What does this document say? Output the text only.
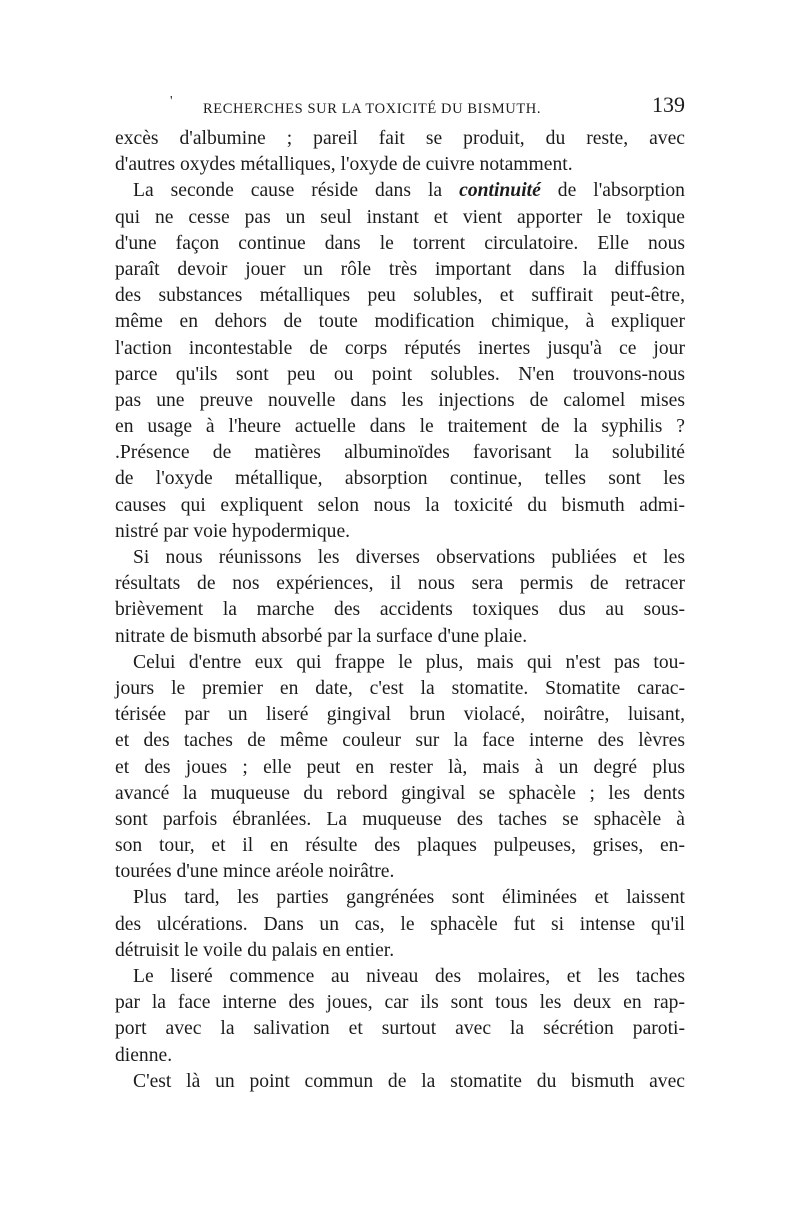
' RECHERCHES SUR LA TOXICITÉ DU BISMUTH.	139
excès d'albumine ; pareil fait se produit, du reste, avec
d'autres oxydes métalliques, l'oxyde de cuivre notamment.
La seconde cause réside dans la continuité de l'absorption
qui ne cesse pas un seul instant et vient apporter le toxique
d'une façon continue dans le torrent circulatoire. Elle nous
paraît devoir jouer un rôle très important dans la diffusion
des substances métalliques peu solubles, et suffirait peut-être,
même en dehors de toute modification chimique, à expliquer
l'action incontestable de corps réputés inertes jusqu'à ce jour
parce qu'ils sont peu ou point solubles. N'en trouvons-nous
pas une preuve nouvelle dans les injections de calomel mises
en usage à l'heure actuelle dans le traitement de la syphilis ?
.Présence de matières albuminoïdes favorisant la solubilité
de l'oxyde métallique, absorption continue, telles sont les
causes qui expliquent selon nous la toxicité du bismuth admi-
nistré par voie hypodermique.
Si nous réunissons les diverses observations publiées et les
résultats de nos expériences, il nous sera permis de retracer
brièvement la marche des accidents toxiques dus au sous-
nitrate de bismuth absorbé par la surface d'une plaie.
Celui d'entre eux qui frappe le plus, mais qui n'est pas tou-
jours le premier en date, c'est la stomatite. Stomatite carac-
térisée par un liseré gingival brun violacé, noirâtre, luisant,
et des taches de même couleur sur la face interne des lèvres
et des joues ; elle peut en rester là, mais à un degré plus
avancé la muqueuse du rebord gingival se sphacèle ; les dents
sont parfois ébranlées. La muqueuse des taches se sphacèle à
son tour, et il en résulte des plaques pulpeuses, grises, en-
tourées d'une mince aréole noirâtre.
Plus tard, les parties gangrénées sont éliminées et laissent
des ulcérations. Dans un cas, le sphacèle fut si intense qu'il
détruisit le voile du palais en entier.
Le liseré commence au niveau des molaires, et les taches
par la face interne des joues, car ils sont tous les deux en rap-
port avec la salivation et surtout avec la sécrétion paroti-
dienne.
C'est là un point commun de la stomatite du bismuth avec
